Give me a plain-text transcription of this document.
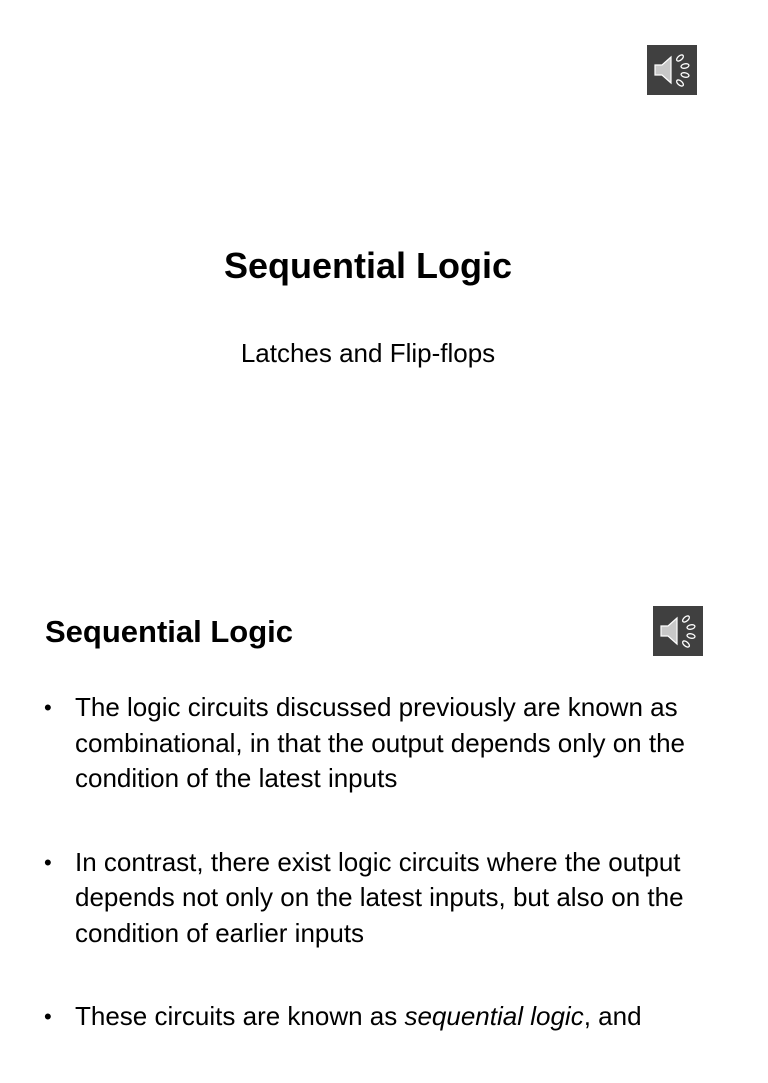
Sequential Logic
Latches and Flip-flops
Sequential Logic
• The logic circuits discussed previously are known as combinational, in that the output depends only on the condition of the latest inputs
• In contrast, there exist logic circuits where the output depends not only on the latest inputs, but also on the condition of earlier inputs
• These circuits are known as sequential logic, and
